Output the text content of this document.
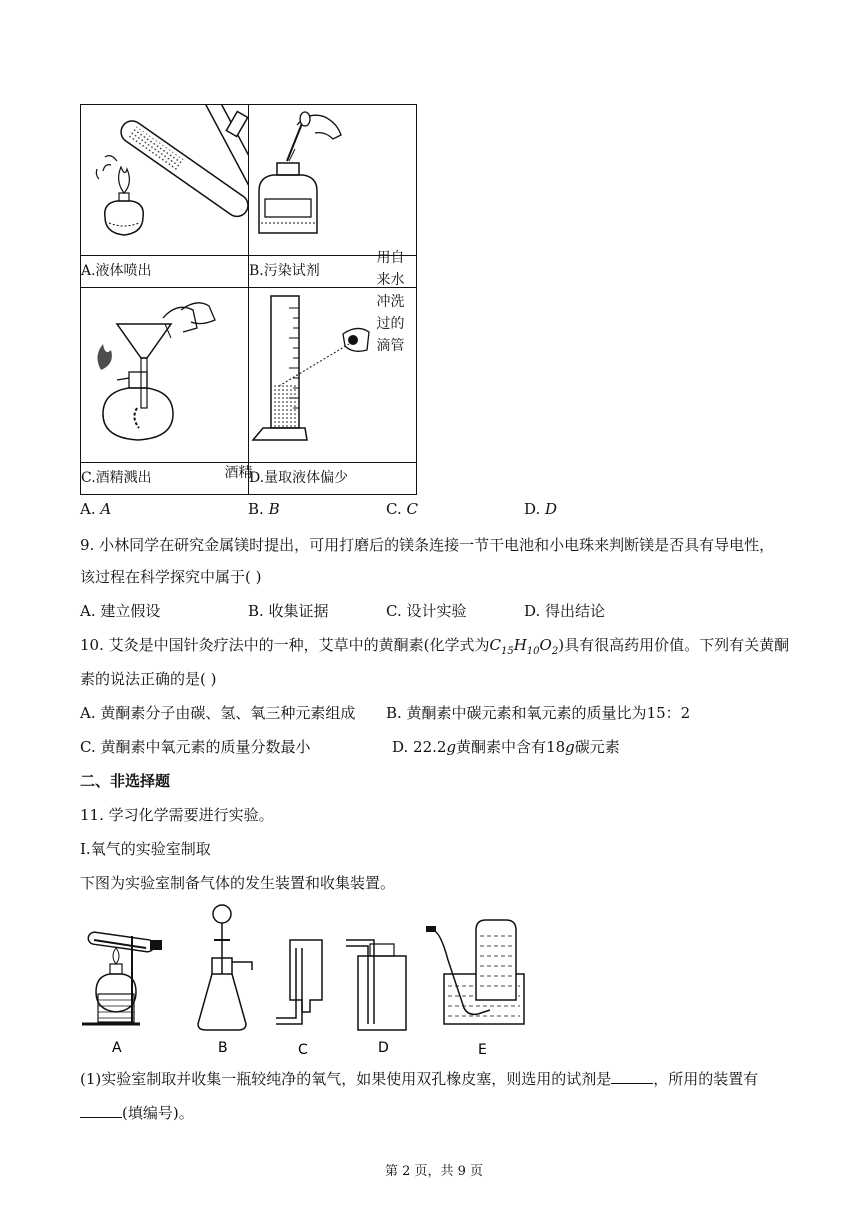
用自
来水
冲洗
过的
滴管

A.液体喷出	B.污染试剂

酒精

C.酒精溅出	D.量取液体偏少
A. A	B. B	C. C	D. D
9. 小林同学在研究金属镁时提出，可用打磨后的镁条连接一节干电池和小电珠来判断镁是否具有导电性，
该过程在科学探究中属于( )
A. 建立假设	B. 收集证据	C. 设计实验	D. 得出结论
10. 艾灸是中国针灸疗法中的一种，艾草中的黄酮素(化学式为$C_{15}H_{10}O_2$)具有很高药用价值。下列有关黄酮
素的说法正确的是( )
A. 黄酮素分子由碳、氢、氧三种元素组成 B. 黄酮素中碳元素和氧元素的质量比为15：2
C. 黄酮素中氧元素的质量分数最小	D. 22.2g黄酮素中含有18g碳元素
二、非选择题
11. 学习化学需要进行实验。
I.氧气的实验室制取
下图为实验室制备气体的发生装置和收集装置。
A	B	C	D	E
(1)实验室制取并收集一瓶较纯净的氧气，如果使用双孔橡皮塞，则选用的试剂是	，所用的装置有
(填编号)。
第 2 页，共 9 页
